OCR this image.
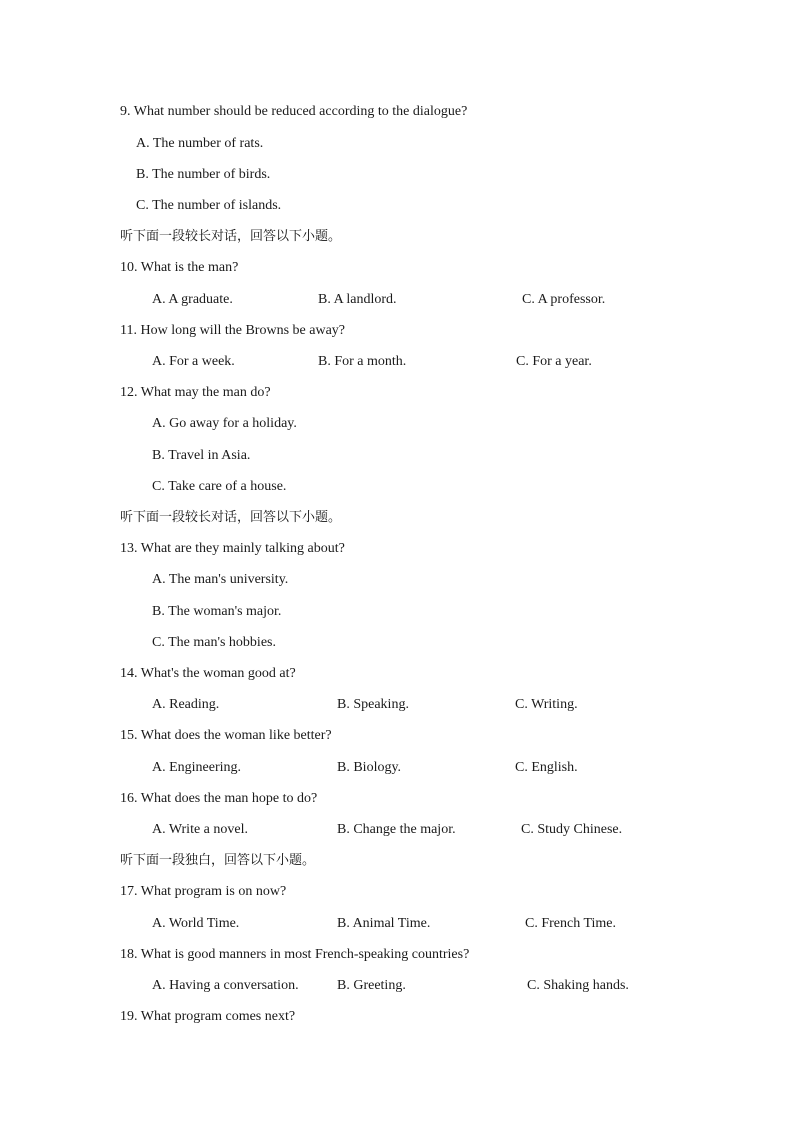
9. What number should be reduced according to the dialogue?
A. The number of rats.
B. The number of birds.
C. The number of islands.
听下面一段较长对话，回答以下小题。
10. What is the man?
A. A graduate.	B. A landlord.	C. A professor.
11. How long will the Browns be away?
A. For a week.	B. For a month.	C. For a year.
12. What may the man do?
A. Go away for a holiday.
B. Travel in Asia.
C. Take care of a house.
听下面一段较长对话，回答以下小题。
13. What are they mainly talking about?
A. The man's university.
B. The woman's major.
C. The man's hobbies.
14. What's the woman good at?
A. Reading.	B. Speaking.	C. Writing.
15. What does the woman like better?
A. Engineering.	B. Biology.	C. English.
16. What does the man hope to do?
A. Write a novel.	B. Change the major.	C. Study Chinese.
听下面一段独白，回答以下小题。
17. What program is on now?
A. World Time.	B. Animal Time.	C. French Time.
18. What is good manners in most French-speaking countries?
A. Having a conversation.	B. Greeting.	C. Shaking hands.
19. What program comes next?
